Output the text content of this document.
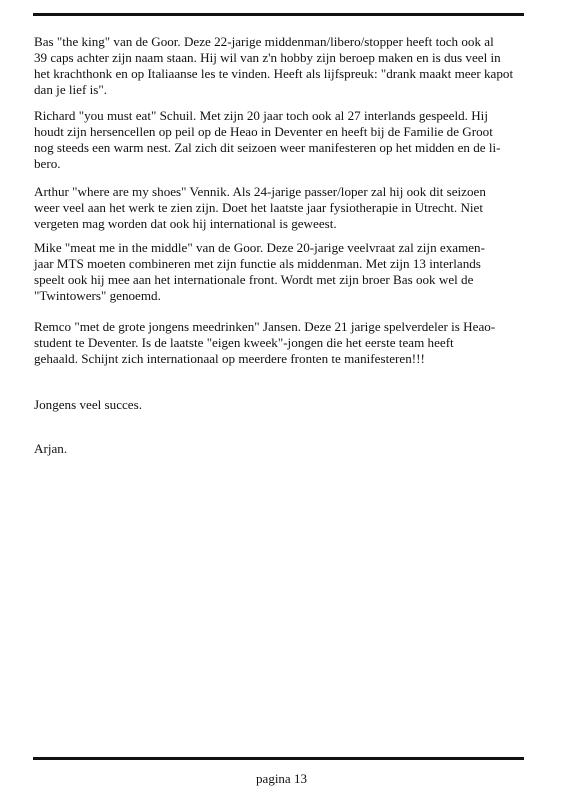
Bas "the king" van de Goor. Deze 22-jarige middenman/libero/stopper heeft toch ook al
39 caps achter zijn naam staan. Hij wil van z'n hobby zijn beroep maken en is dus veel in
het krachthonk en op Italiaanse les te vinden. Heeft als lijfspreuk: "drank maakt meer kapot
dan je lief is".

Richard "you must eat" Schuil. Met zijn 20 jaar toch ook al 27 interlands gespeeld. Hij
houdt zijn hersencellen op peil op de Heao in Deventer en heeft bij de Familie de Groot
nog steeds een warm nest. Zal zich dit seizoen weer manifesteren op het midden en de li-
bero.

Arthur "where are my shoes" Vennik. Als 24-jarige passer/loper zal hij ook dit seizoen
weer veel aan het werk te zien zijn. Doet het laatste jaar fysiotherapie in Utrecht. Niet
vergeten mag worden dat ook hij international is geweest.

Mike "meat me in the middle" van de Goor. Deze 20-jarige veelvraat zal zijn examen-
jaar MTS moeten combineren met zijn functie als middenman. Met zijn 13 interlands
speelt ook hij mee aan het internationale front. Wordt met zijn broer Bas ook wel de
"Twintowers" genoemd.

Remco "met de grote jongens meedrinken" Jansen. Deze 21 jarige spelverdeler is Heao-
student te Deventer. Is de laatste "eigen kweek"-jongen die het eerste team heeft
gehaald. Schijnt zich internationaal op meerdere fronten te manifesteren!!!

Jongens veel succes.

Arjan.

pagina 13
